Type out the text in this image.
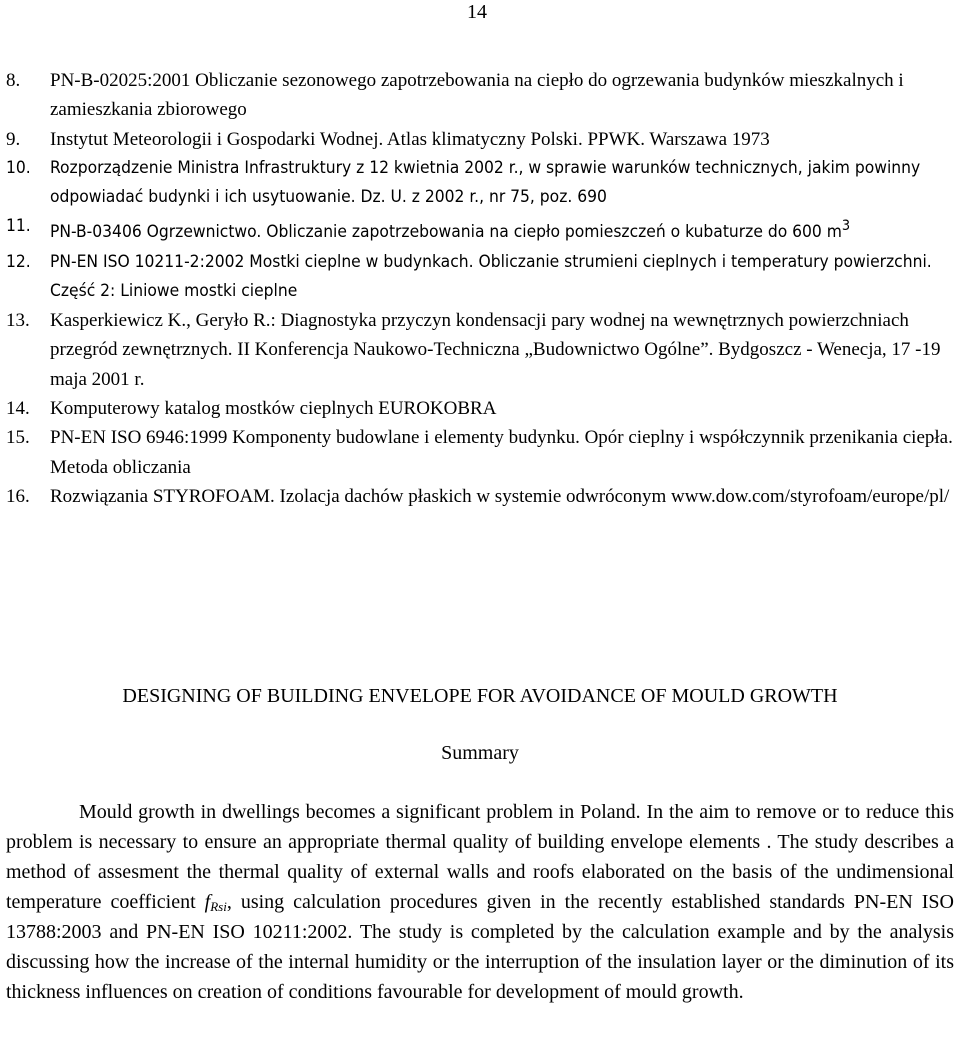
14
8.	PN-B-02025:2001 Obliczanie sezonowego zapotrzebowania na ciepło do ogrzewania budynków mieszkalnych i zamieszkania zbiorowego
9.	Instytut Meteorologii i Gospodarki Wodnej. Atlas klimatyczny Polski. PPWK. Warszawa 1973
10.	Rozporządzenie Ministra Infrastruktury z 12 kwietnia 2002 r., w sprawie warunków technicznych, jakim powinny odpowiadać budynki i ich usytuowanie. Dz. U. z 2002 r., nr 75, poz. 690
11.	PN-B-03406 Ogrzewnictwo. Obliczanie zapotrzebowania na ciepło pomieszczeń o kubaturze do 600 $m^3$
12.	PN-EN ISO 10211-2:2002 Mostki cieplne w budynkach. Obliczanie strumieni cieplnych i temperatury powierzchni. Część 2: Liniowe mostki cieplne
13.	Kasperkiewicz K., Geryło R.: Diagnostyka przyczyn kondensacji pary wodnej na wewnętrznych powierzchniach przegród zewnętrznych. II Konferencja Naukowo-Techniczna „Budownictwo Ogólne”. Bydgoszcz - Wenecja, 17 -19 maja 2001 r.
14.	Komputerowy katalog mostków cieplnych EUROKOBRA
15.	PN-EN ISO 6946:1999 Komponenty budowlane i elementy budynku. Opór cieplny i współczynnik przenikania ciepła. Metoda obliczania
16.	Rozwiązania STYROFOAM. Izolacja dachów płaskich w systemie odwróconym www.dow.com/styrofoam/europe/pl/
DESIGNING OF BUILDING ENVELOPE FOR AVOIDANCE OF MOULD GROWTH
Summary

Mould growth in dwellings becomes a significant problem in Poland. In the aim to remove or to reduce this problem is necessary to ensure an appropriate thermal quality of building envelope elements . The study describes a method of assesment the thermal quality of external walls and roofs elaborated on the basis of the undimensional temperature coefficient $f_{Rsi}$, using calculation procedures given in the recently established standards PN-EN ISO 13788:2003 and PN-EN ISO 10211:2002. The study is completed by the calculation example and by the analysis discussing how the increase of the internal humidity or the interruption of the insulation layer or the diminution of its thickness influences on creation of conditions favourable for development of mould growth.
